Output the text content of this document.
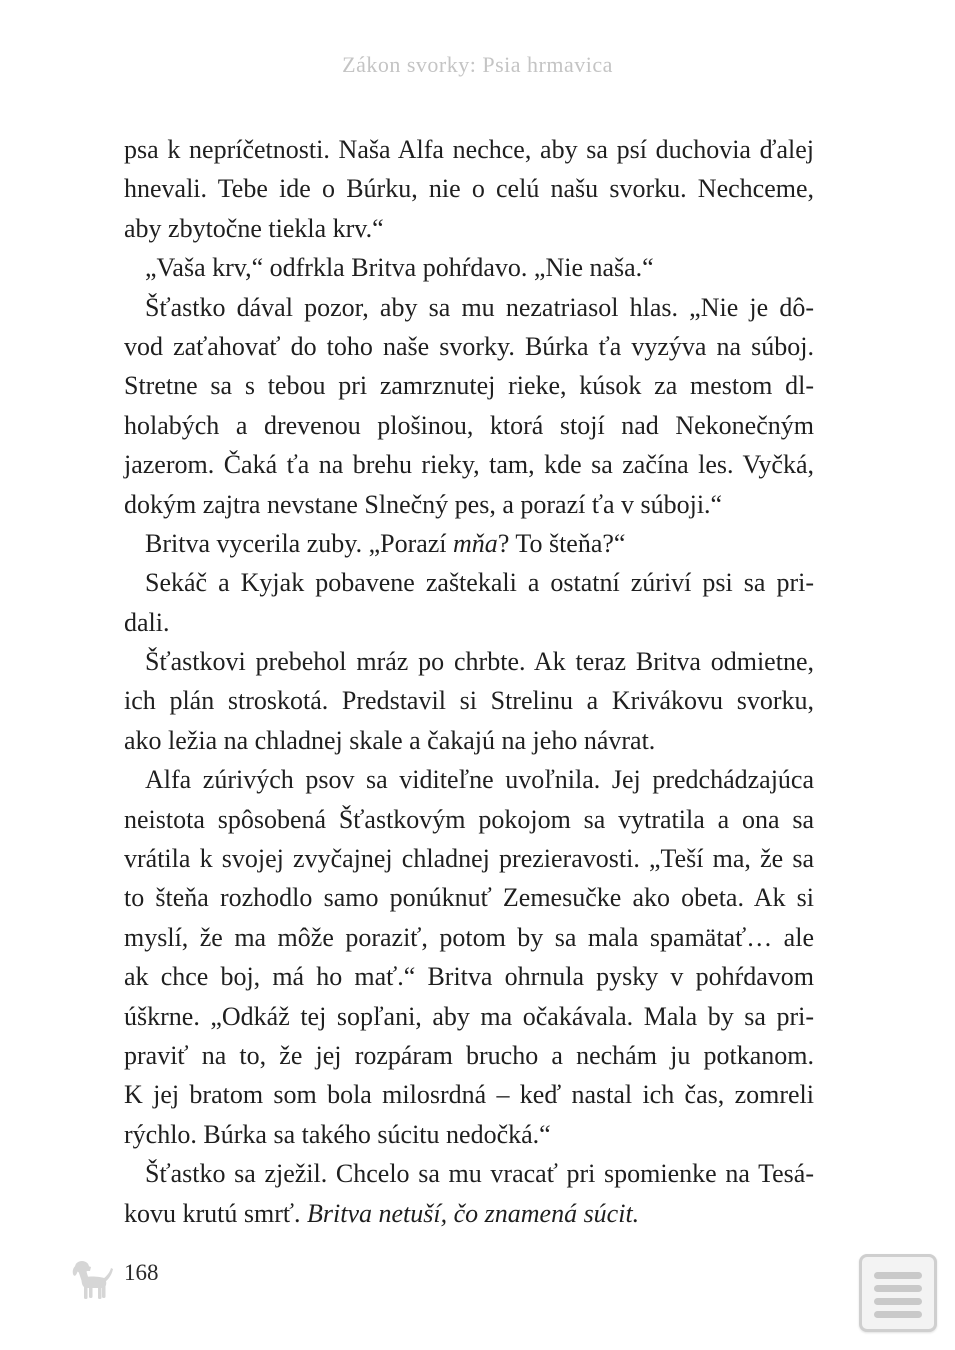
Zákon svorky: Psia hrmavica
psa k nepríčetnosti. Naša Alfa nechce, aby sa psí duchovia ďalej
hnevali. Tebe ide o Búrku, nie o celú našu svorku. Nechceme,
aby zbytočne tiekla krv.“
„Vaša krv,“ odfrkla Britva pohŕdavo. „Nie naša.“
Šťastko dával pozor, aby sa mu nezatriasol hlas. „Nie je dô-
vod zaťahovať do toho naše svorky. Búrka ťa vyzýva na súboj.
Stretne sa s tebou pri zamrznutej rieke, kúsok za mestom dl-
holabých a drevenou plošinou, ktorá stojí nad Nekonečným
jazerom. Čaká ťa na brehu rieky, tam, kde sa začína les. Vyčká,
dokým zajtra nevstane Slnečný pes, a porazí ťa v súboji.“
Britva vycerila zuby. „Porazí mňa? To šteňa?“
Sekáč a Kyjak pobavene zaštekali a ostatní zúriví psi sa pri-
dali.
Šťastkovi prebehol mráz po chrbte. Ak teraz Britva odmietne,
ich plán stroskotá. Predstavil si Strelinu a Krivákovu svorku,
ako ležia na chladnej skale a čakajú na jeho návrat.
Alfa zúrivých psov sa viditeľne uvoľnila. Jej predchádzajúca
neistota spôsobená Šťastkovým pokojom sa vytratila a ona sa
vrátila k svojej zvyčajnej chladnej prezieravosti. „Teší ma, že sa
to šteňa rozhodlo samo ponúknuť Zemesučke ako obeta. Ak si
myslí, že ma môže poraziť, potom by sa mala spamätať… ale
ak chce boj, má ho mať.“ Britva ohrnula pysky v pohŕdavom
úškrne. „Odkáž tej sopľani, aby ma očakávala. Mala by sa pri-
praviť na to, že jej rozpáram brucho a nechám ju potkanom.
K jej bratom som bola milosrdná – keď nastal ich čas, zomreli
rýchlo. Búrka sa takého súcitu nedočká.“
Šťastko sa zježil. Chcelo sa mu vracať pri spomienke na Tesá-
kovu krutú smrť. Britva netuší, čo znamená súcit.
168
